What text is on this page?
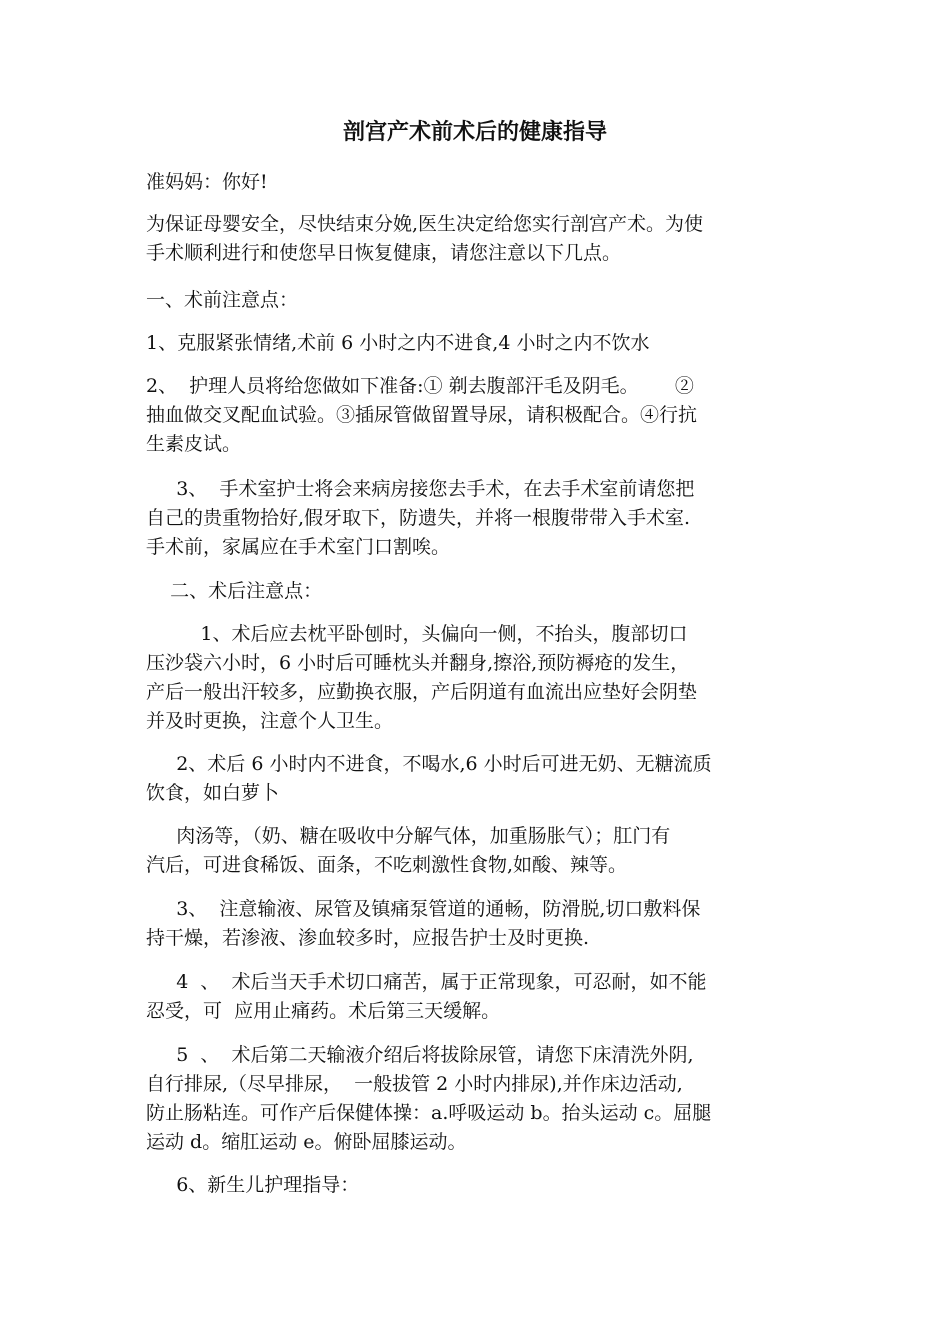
剖宫产术前术后的健康指导

准妈妈：你好!

为保证母婴安全，尽快结束分娩,医生决定给您实行剖宫产术。为使
手术顺利进行和使您早日恢复健康，请您注意以下几点。

一、术前注意点：

1、克服紧张情绪,术前 6 小时之内不进食,4 小时之内不饮水

2、  护理人员将给您做如下准备:① 剃去腹部汗毛及阴毛。      ②
抽血做交叉配血试验。③插尿管做留置导尿，请积极配合。④行抗
生素皮试。

3、  手术室护士将会来病房接您去手术，在去手术室前请您把
自己的贵重物拾好,假牙取下，防遗失，并将一根腹带带入手术室.
手术前，家属应在手术室门口割唉。

二、术后注意点：

1、术后应去枕平卧刨时，头偏向一侧，不抬头，腹部切口
压沙袋六小时，6 小时后可睡枕头并翻身,擦浴,预防褥疮的发生，
产后一般出汗较多，应勤换衣服，产后阴道有血流出应垫好会阴垫
并及时更换，注意个人卫生。

2、术后 6 小时内不进食，不喝水,6 小时后可进无奶、无糖流质
饮食，如白萝卜

肉汤等，（奶、糖在吸收中分解气体，加重肠胀气）；肛门有
汽后，可进食稀饭、面条，不吃刺激性食物,如酸、辣等。

3、  注意输液、尿管及镇痛泵管道的通畅，防滑脱,切口敷料保
持干燥，若渗液、渗血较多时，应报告护士及时更换.

4  、  术后当天手术切口痛苦，属于正常现象，可忍耐，如不能
忍受，可  应用止痛药。术后第三天缓解。

5  、  术后第二天输液介绍后将拔除尿管，请您下床清洗外阴,
自行排尿,（尽早排尿，  一般拔管 2 小时内排尿),并作床边活动,
防止肠粘连。可作产后保健体操：a.呼吸运动 b。抬头运动 c。屈腿
运动 d。缩肛运动 e。俯卧屈膝运动。

6、新生儿护理指导：
